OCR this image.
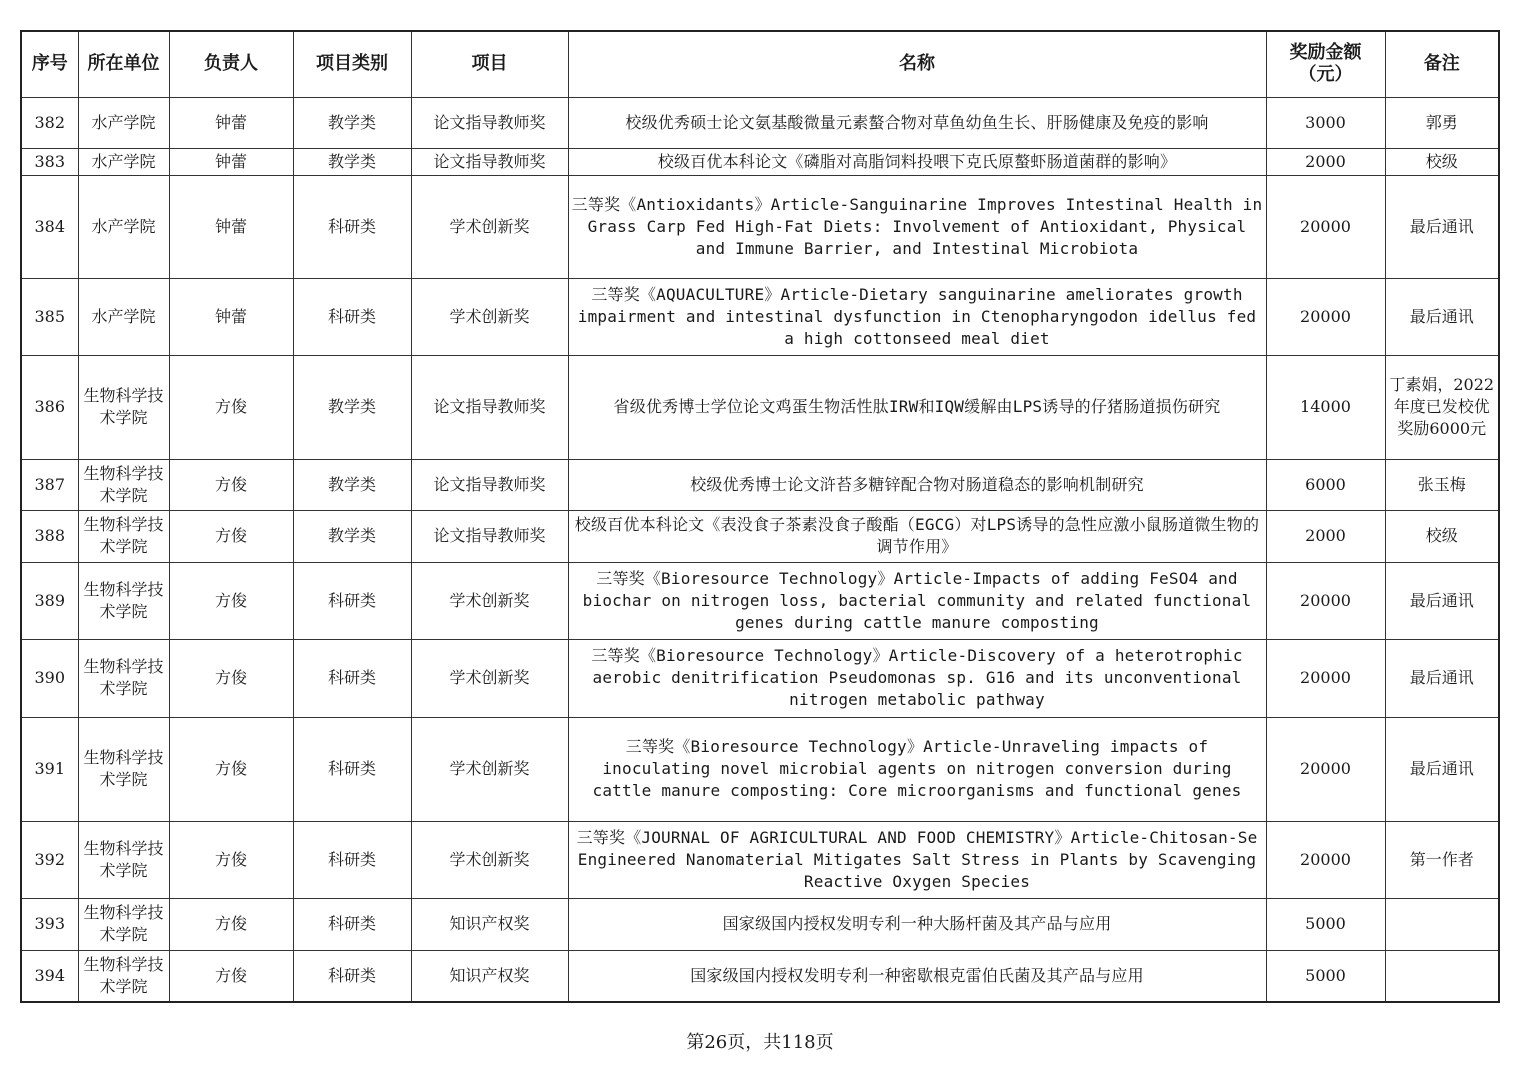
序号	所在单位	负责人	项目类别	项目	名称	奖励金额（元）	备注
382	水产学院	钟蕾	教学类	论文指导教师奖	校级优秀硕士论文氨基酸微量元素螯合物对草鱼幼鱼生长、肝肠健康及免疫的影响	3000	郭勇
383	水产学院	钟蕾	教学类	论文指导教师奖	校级百优本科论文《磷脂对高脂饲料投喂下克氏原螯虾肠道菌群的影响》	2000	校级
384	水产学院	钟蕾	科研类	学术创新奖	三等奖《Antioxidants》Article-Sanguinarine Improves Intestinal Health in Grass Carp Fed High-Fat Diets: Involvement of Antioxidant, Physical and Immune Barrier, and Intestinal Microbiota	20000	最后通讯
385	水产学院	钟蕾	科研类	学术创新奖	三等奖《AQUACULTURE》Article-Dietary sanguinarine ameliorates growth impairment and intestinal dysfunction in Ctenopharyngodon idellus fed a high cottonseed meal diet	20000	最后通讯
386	生物科学技术学院	方俊	教学类	论文指导教师奖	省级优秀博士学位论文鸡蛋生物活性肽IRW和IQW缓解由LPS诱导的仔猪肠道损伤研究	14000	丁素娟，2022年度已发校优奖励6000元
387	生物科学技术学院	方俊	教学类	论文指导教师奖	校级优秀博士论文浒苔多糖锌配合物对肠道稳态的影响机制研究	6000	张玉梅
388	生物科学技术学院	方俊	教学类	论文指导教师奖	校级百优本科论文《表没食子茶素没食子酸酯（EGCG）对LPS诱导的急性应激小鼠肠道微生物的调节作用》	2000	校级
389	生物科学技术学院	方俊	科研类	学术创新奖	三等奖《Bioresource Technology》Article-Impacts of adding FeSO4 and biochar on nitrogen loss, bacterial community and related functional genes during cattle manure composting	20000	最后通讯
390	生物科学技术学院	方俊	科研类	学术创新奖	三等奖《Bioresource Technology》Article-Discovery of a heterotrophic aerobic denitrification Pseudomonas sp. G16 and its unconventional nitrogen metabolic pathway	20000	最后通讯
391	生物科学技术学院	方俊	科研类	学术创新奖	三等奖《Bioresource Technology》Article-Unraveling impacts of inoculating novel microbial agents on nitrogen conversion during cattle manure composting: Core microorganisms and functional genes	20000	最后通讯
392	生物科学技术学院	方俊	科研类	学术创新奖	三等奖《JOURNAL OF AGRICULTURAL AND FOOD CHEMISTRY》Article-Chitosan-Se Engineered Nanomaterial Mitigates Salt Stress in Plants by Scavenging Reactive Oxygen Species	20000	第一作者
393	生物科学技术学院	方俊	科研类	知识产权奖	国家级国内授权发明专利一种大肠杆菌及其产品与应用	5000	
394	生物科学技术学院	方俊	科研类	知识产权奖	国家级国内授权发明专利一种密歇根克雷伯氏菌及其产品与应用	5000	
第26页，共118页
